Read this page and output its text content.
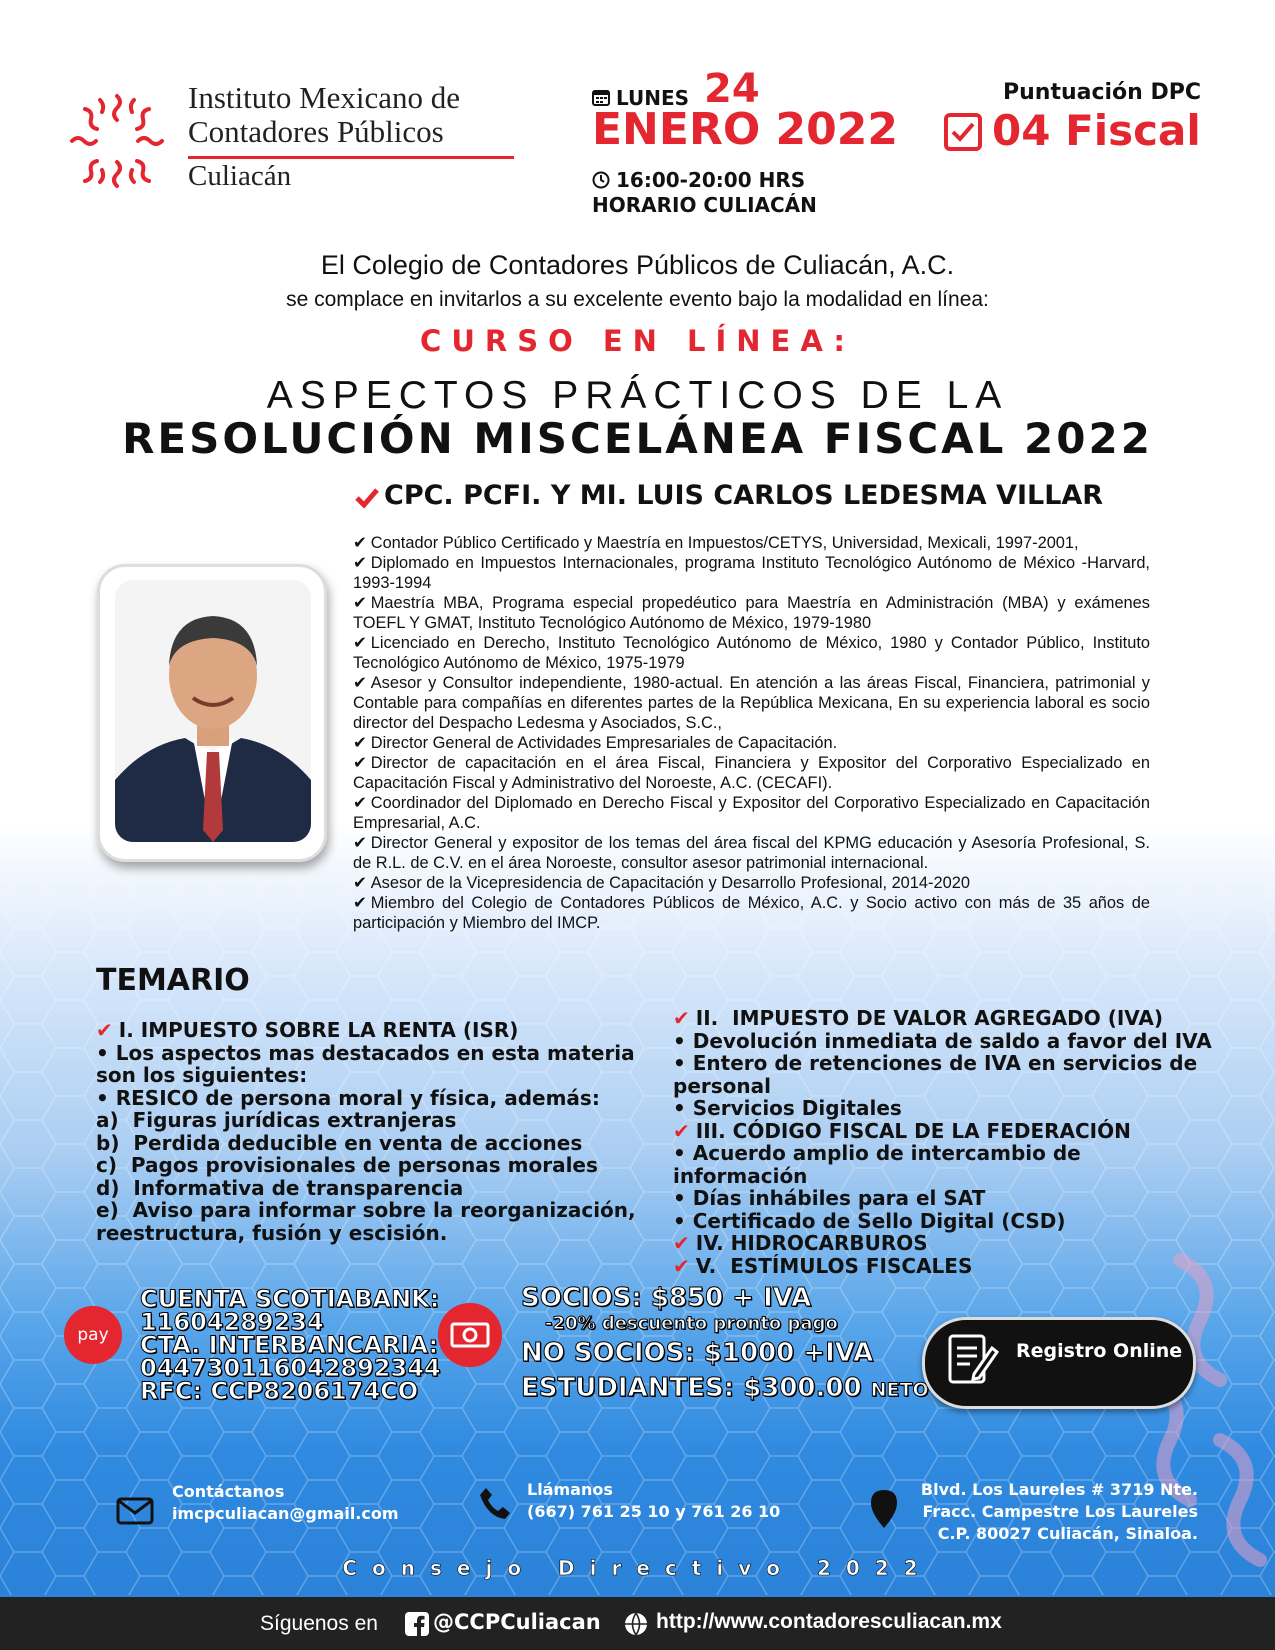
Instituto Mexicano de
Contadores Públicos
Culiacán
LUNES 24
ENERO 2022
16:00-20:00 HRS
HORARIO CULIACÁN
Puntuación DPC
04 Fiscal
El Colegio de Contadores Públicos de Culiacán, A.C.
se complace en invitarlos a su excelente evento bajo la modalidad en línea:
CURSO EN LÍNEA:
ASPECTOS PRÁCTICOS DE LA
RESOLUCIÓN MISCELÁNEA FISCAL 2022
CPC. PCFI. Y MI. LUIS CARLOS LEDESMA VILLAR

✔ Contador Público Certificado y Maestría en Impuestos/CETYS, Universidad, Mexicali, 1997-2001,

✔ Diplomado en Impuestos Internacionales, programa Instituto Tecnológico Autónomo de México -Harvard, 1993-1994

✔ Maestría MBA, Programa especial propedéutico para Maestría en Administración (MBA) y exámenes TOEFL Y GMAT, Instituto Tecnológico Autónomo de México, 1979-1980

✔ Licenciado en Derecho, Instituto Tecnológico Autónomo de México, 1980 y Contador Público, Instituto Tecnológico Autónomo de México, 1975-1979

✔ Asesor y Consultor independiente, 1980-actual. En atención a las áreas Fiscal, Financiera, patrimonial y Contable para compañías en diferentes partes de la República Mexicana, En su experiencia laboral es socio director del Despacho Ledesma y Asociados, S.C.,

✔ Director General de Actividades Empresariales de Capacitación.

✔ Director de capacitación en el área Fiscal, Financiera y Expositor del Corporativo Especializado en Capacitación Fiscal y Administrativo del Noroeste, A.C. (CECAFI).

✔ Coordinador del Diplomado en Derecho Fiscal y Expositor del Corporativo Especializado en Capacitación Empresarial, A.C.

✔ Director General y expositor de los temas del área fiscal del KPMG educación y Asesoría Profesional, S. de R.L. de C.V. en el área Noroeste, consultor asesor patrimonial internacional.

✔ Asesor de la Vicepresidencia de Capacitación y Desarrollo Profesional, 2014-2020

✔ Miembro del Colegio de Contadores Públicos de México, A.C. y Socio activo con más de 35 años de participación y Miembro del IMCP.

TEMARIO

✔ I. IMPUESTO SOBRE LA RENTA (ISR)

• Los aspectos mas destacados en esta materia son los siguientes:

• RESICO de persona moral y física, además:

a)  Figuras jurídicas extranjeras

b)  Perdida deducible en venta de acciones

c)  Pagos provisionales de personas morales

d)  Informativa de transparencia

e)  Aviso para informar sobre la reorganización, reestructura, fusión y escisión.

✔ II.  IMPUESTO DE VALOR AGREGADO (IVA)

• Devolución inmediata de saldo a favor del IVA

• Entero de retenciones de IVA en servicios de personal

• Servicios Digitales

✔ III. CÓDIGO FISCAL DE LA FEDERACIÓN

• Acuerdo amplio de intercambio de información

• Días inhábiles para el SAT

• Certificado de Sello Digital (CSD)

✔ IV. HIDROCARBUROS

✔ V.  ESTÍMULOS FISCALES

pay
CUENTA SCOTIABANK:
11604289234
CTA. INTERBANCARIA:
044730116042892344
RFC: CCP8206174CO
SOCIOS: $850 + IVA
-20% descuento pronto pago
NO SOCIOS: $1000 +IVA
ESTUDIANTES: $300.00 NETO
Registro Online
Contáctanos
imcpculiacan@gmail.com
Llámanos
(667) 761 25 10 y 761 26 10
Blvd. Los Laureles # 3719 Nte.
Fracc. Campestre Los Laureles
C.P. 80027 Culiacán, Sinaloa.
Consejo Directivo 2022
Síguenos en	@CCPCuliacan	http://www.contadoresculiacan.mx
